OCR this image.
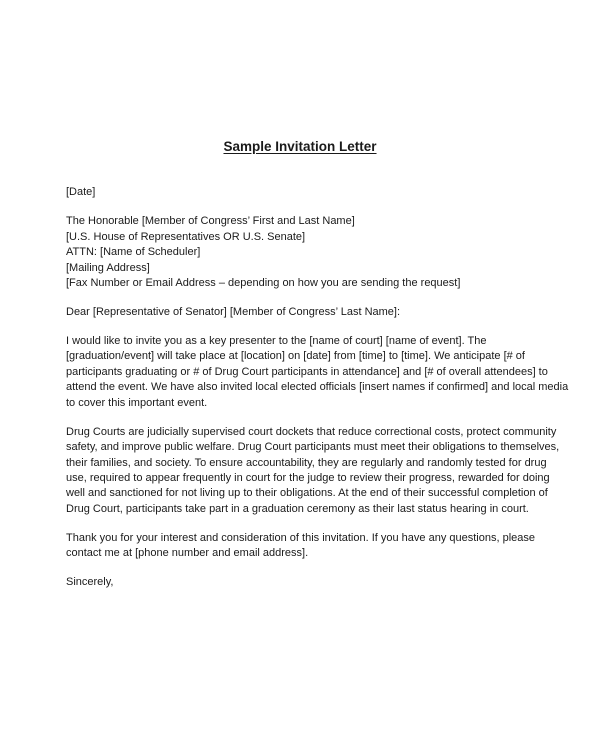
Sample Invitation Letter
[Date]
The Honorable [Member of Congress’ First and Last Name]
[U.S. House of Representatives OR U.S. Senate]
ATTN: [Name of Scheduler]
[Mailing Address]
[Fax Number or Email Address – depending on how you are sending the request]
Dear [Representative of Senator] [Member of Congress’ Last Name]:
I would like to invite you as a key presenter to the [name of court] [name of event]. The
[graduation/event] will take place at [location] on [date] from [time] to [time]. We anticipate [# of
participants graduating or # of Drug Court participants in attendance] and [# of overall attendees] to
attend the event. We have also invited local elected officials [insert names if confirmed] and local media
to cover this important event.
Drug Courts are judicially supervised court dockets that reduce correctional costs, protect community
safety, and improve public welfare. Drug Court participants must meet their obligations to themselves,
their families, and society. To ensure accountability, they are regularly and randomly tested for drug
use, required to appear frequently in court for the judge to review their progress, rewarded for doing
well and sanctioned for not living up to their obligations. At the end of their successful completion of
Drug Court, participants take part in a graduation ceremony as their last status hearing in court.
Thank you for your interest and consideration of this invitation. If you have any questions, please
contact me at [phone number and email address].
Sincerely,
